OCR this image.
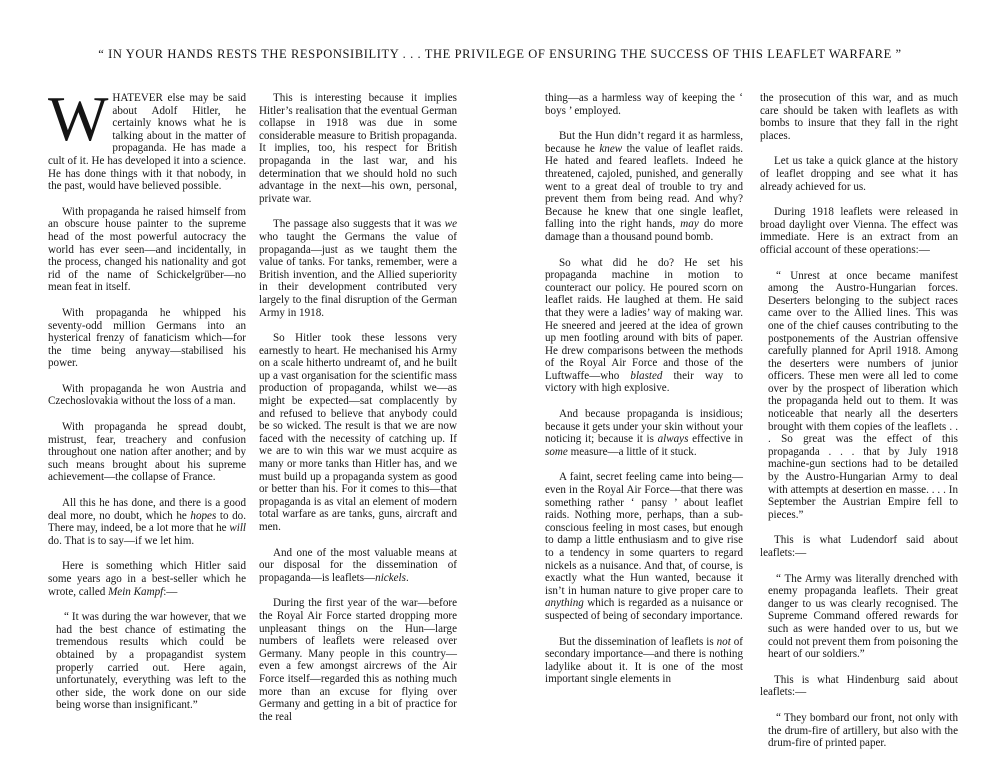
“ IN YOUR HANDS RESTS THE RESPONSIBILITY . . . THE PRIVILEGE OF ENSURING THE SUCCESS OF THIS LEAFLET WARFARE ”

WHATEVER else may be said about Adolf Hitler, he certainly knows what he is talking about in the matter of propaganda. He has made a cult of it. He has developed it into a science. He has done things with it that nobody, in the past, would have believed possible.

With propaganda he raised himself from an obscure house painter to the supreme head of the most powerful autocracy the world has ever seen—and incidentally, in the process, changed his nationality and got rid of the name of Schickelgrüber—no mean feat in itself.

With propaganda he whipped his seventy-odd million Germans into an hysterical frenzy of fanaticism which—for the time being anyway—stabilised his power.

With propaganda he won Austria and Czechoslovakia without the loss of a man.

With propaganda he spread doubt, mistrust, fear, treachery and confusion throughout one nation after another; and by such means brought about his supreme achievement—the collapse of France.

All this he has done, and there is a good deal more, no doubt, which he hopes to do. There may, indeed, be a lot more that he will do. That is to say—if we let him.

Here is something which Hitler said some years ago in a best-seller which he wrote, called Mein Kampf:—

“ It was during the war however, that we had the best chance of estimating the tremendous results which could be obtained by a propagandist system properly carried out. Here again, unfortunately, everything was left to the other side, the work done on our side being worse than insignificant.”

This is interesting because it implies Hitler’s realisation that the eventual German collapse in 1918 was due in some considerable measure to British propaganda. It implies, too, his respect for British propaganda in the last war, and his determination that we should hold no such advantage in the next—his own, personal, private war.

The passage also suggests that it was we who taught the Germans the value of propaganda—just as we taught them the value of tanks. For tanks, remember, were a British invention, and the Allied superiority in their development contributed very largely to the final disruption of the German Army in 1918.

So Hitler took these lessons very earnestly to heart. He mechanised his Army on a scale hitherto undreamt of, and he built up a vast organisation for the scientific mass production of propaganda, whilst we—as might be expected—sat complacently by and refused to believe that anybody could be so wicked. The result is that we are now faced with the necessity of catching up. If we are to win this war we must acquire as many or more tanks than Hitler has, and we must build up a propaganda system as good or better than his. For it comes to this—that propaganda is as vital an element of modern total warfare as are tanks, guns, aircraft and men.

And one of the most valuable means at our disposal for the dissemination of propaganda—is leaflets—nickels.

During the first year of the war—before the Royal Air Force started dropping more unpleasant things on the Hun—large numbers of leaflets were released over Germany. Many people in this country—even a few amongst aircrews of the Air Force itself—regarded this as nothing much more than an excuse for flying over Germany and getting in a bit of practice for the real

thing—as a harmless way of keeping the ‘ boys ’ employed.

But the Hun didn’t regard it as harmless, because he knew the value of leaflet raids. He hated and feared leaflets. Indeed he threatened, cajoled, punished, and generally went to a great deal of trouble to try and prevent them from being read. And why? Because he knew that one single leaflet, falling into the right hands, may do more damage than a thousand pound bomb.

So what did he do? He set his propaganda machine in motion to counteract our policy. He poured scorn on leaflet raids. He laughed at them. He said that they were a ladies’ way of making war. He sneered and jeered at the idea of grown up men footling around with bits of paper. He drew comparisons between the methods of the Royal Air Force and those of the Luftwaffe—who blasted their way to victory with high explosive.

And because propaganda is insidious; because it gets under your skin without your noticing it; because it is always effective in some measure—a little of it stuck.

A faint, secret feeling came into being—even in the Royal Air Force—that there was something rather ‘ pansy ’ about leaflet raids. Nothing more, perhaps, than a sub-conscious feeling in most cases, but enough to damp a little enthusiasm and to give rise to a tendency in some quarters to regard nickels as a nuisance. And that, of course, is exactly what the Hun wanted, because it isn’t in human nature to give proper care to anything which is regarded as a nuisance or suspected of being of secondary importance.

But the dissemination of leaflets is not of secondary importance—and there is nothing ladylike about it. It is one of the most important single elements in

the prosecution of this war, and as much care should be taken with leaflets as with bombs to insure that they fall in the right places.

Let us take a quick glance at the history of leaflet dropping and see what it has already achieved for us.

During 1918 leaflets were released in broad daylight over Vienna. The effect was immediate. Here is an extract from an official account of these operations:—

“ Unrest at once became manifest among the Austro-Hungarian forces. Deserters belonging to the subject races came over to the Allied lines. This was one of the chief causes contributing to the postponements of the Austrian offensive carefully planned for April 1918. Among the deserters were numbers of junior officers. These men were all led to come over by the prospect of liberation which the propaganda held out to them. It was noticeable that nearly all the deserters brought with them copies of the leaflets . . . So great was the effect of this propaganda . . . that by July 1918 machine-gun sections had to be detailed by the Austro-Hungarian Army to deal with attempts at desertion en masse. . . . In September the Austrian Empire fell to pieces.”

This is what Ludendorf said about leaflets:—

“ The Army was literally drenched with enemy propaganda leaflets. Their great danger to us was clearly recognised. The Supreme Command offered rewards for such as were handed over to us, but we could not prevent them from poisoning the heart of our soldiers.”

This is what Hindenburg said about leaflets:—

“ They bombard our front, not only with the drum-fire of artillery, but also with the drum-fire of printed paper.
